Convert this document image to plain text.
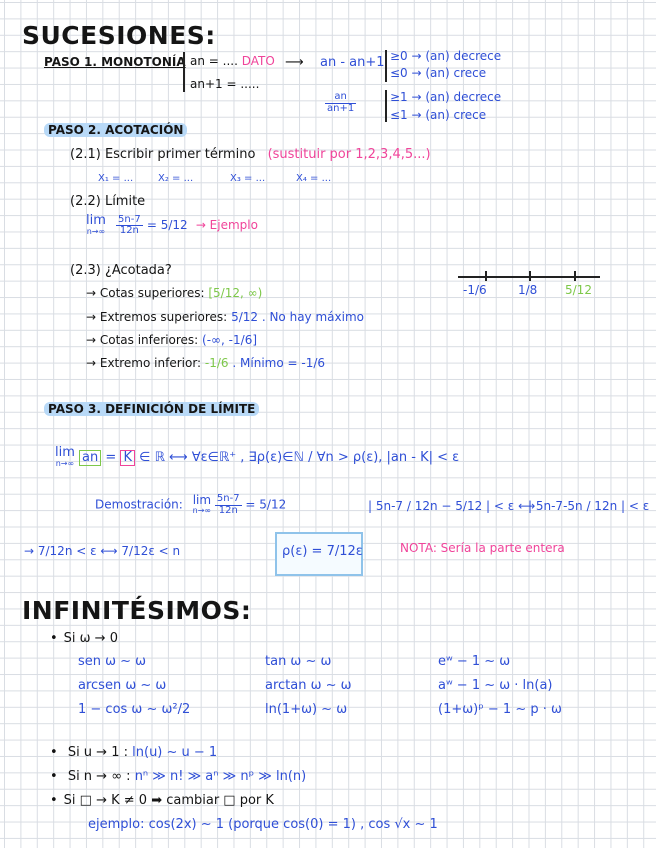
SUCESIONES:
PASO 1. MONOTONÍA an = .... DATO
an+1 = .....
⟶ an - an+1 ≥0 → (an) decrece
≤0 → (an) crece
$\frac{an}{an+1}$	≥1 → (an) decrece
≤1 → (an) crece
PASO 2. ACOTACIÓN
(2.1) Escribir primer término (sustituir por 1,2,3,4,5...)
X₁ = ... X₂ = ...	X₃ = ...	X₄ = ...
(2.2) Límite
lim
n→∞
$\frac{5n-7}{12n} = 5/12$ → Ejemplo
(2.3) ¿Acotada?
→ Cotas superiores: [5/12, ∞)
→ Extremos superiores: 5/12 . No hay máximo
→ Cotas inferiores: (-∞, -1/6]
→ Extremo inferior: -1/6 . Mínimo = -1/6
-1/6	1/8 5/12
PASO 3. DEFINICIÓN DE LÍMITE
lim
n→∞ an = K ∈ ℝ ⟷ ∀ε∈ℝ⁺ , ∃ρ(ε)∈ℕ / ∀n > ρ(ε), |an - K| < ε
Demostración: lim
n→∞
$\frac{5n-7}{12n} = 5/12$	| 5n-7 / 12n − 5/12 | < ε ⟷
| 5n-7-5n / 12n | < ε
→ 7/12n < ε ⟷ 7/12ε < n	ρ(ε) = 7/12ε	NOTA: Sería la parte entera
INFINITÉSIMOS:
• Si ω → 0
sen ω ~ ω	tan ω ~ ω	eʷ − 1 ~ ω
arcsen ω ~ ω	arctan ω ~ ω	aʷ − 1 ~ ω · ln(a)
1 − cos ω ~ ω²/2	ln(1+ω) ~ ω	(1+ω)ᵖ − 1 ~ p · ω
• Si u → 1 : ln(u) ~ u − 1
• Si n → ∞ : nⁿ ≫ n! ≫ aⁿ ≫ nᵖ ≫ ln(n)
• Si □ → K ≠ 0 ➡ cambiar □ por K
ejemplo: cos(2x) ~ 1 (porque cos(0) = 1) , cos √x ~ 1
